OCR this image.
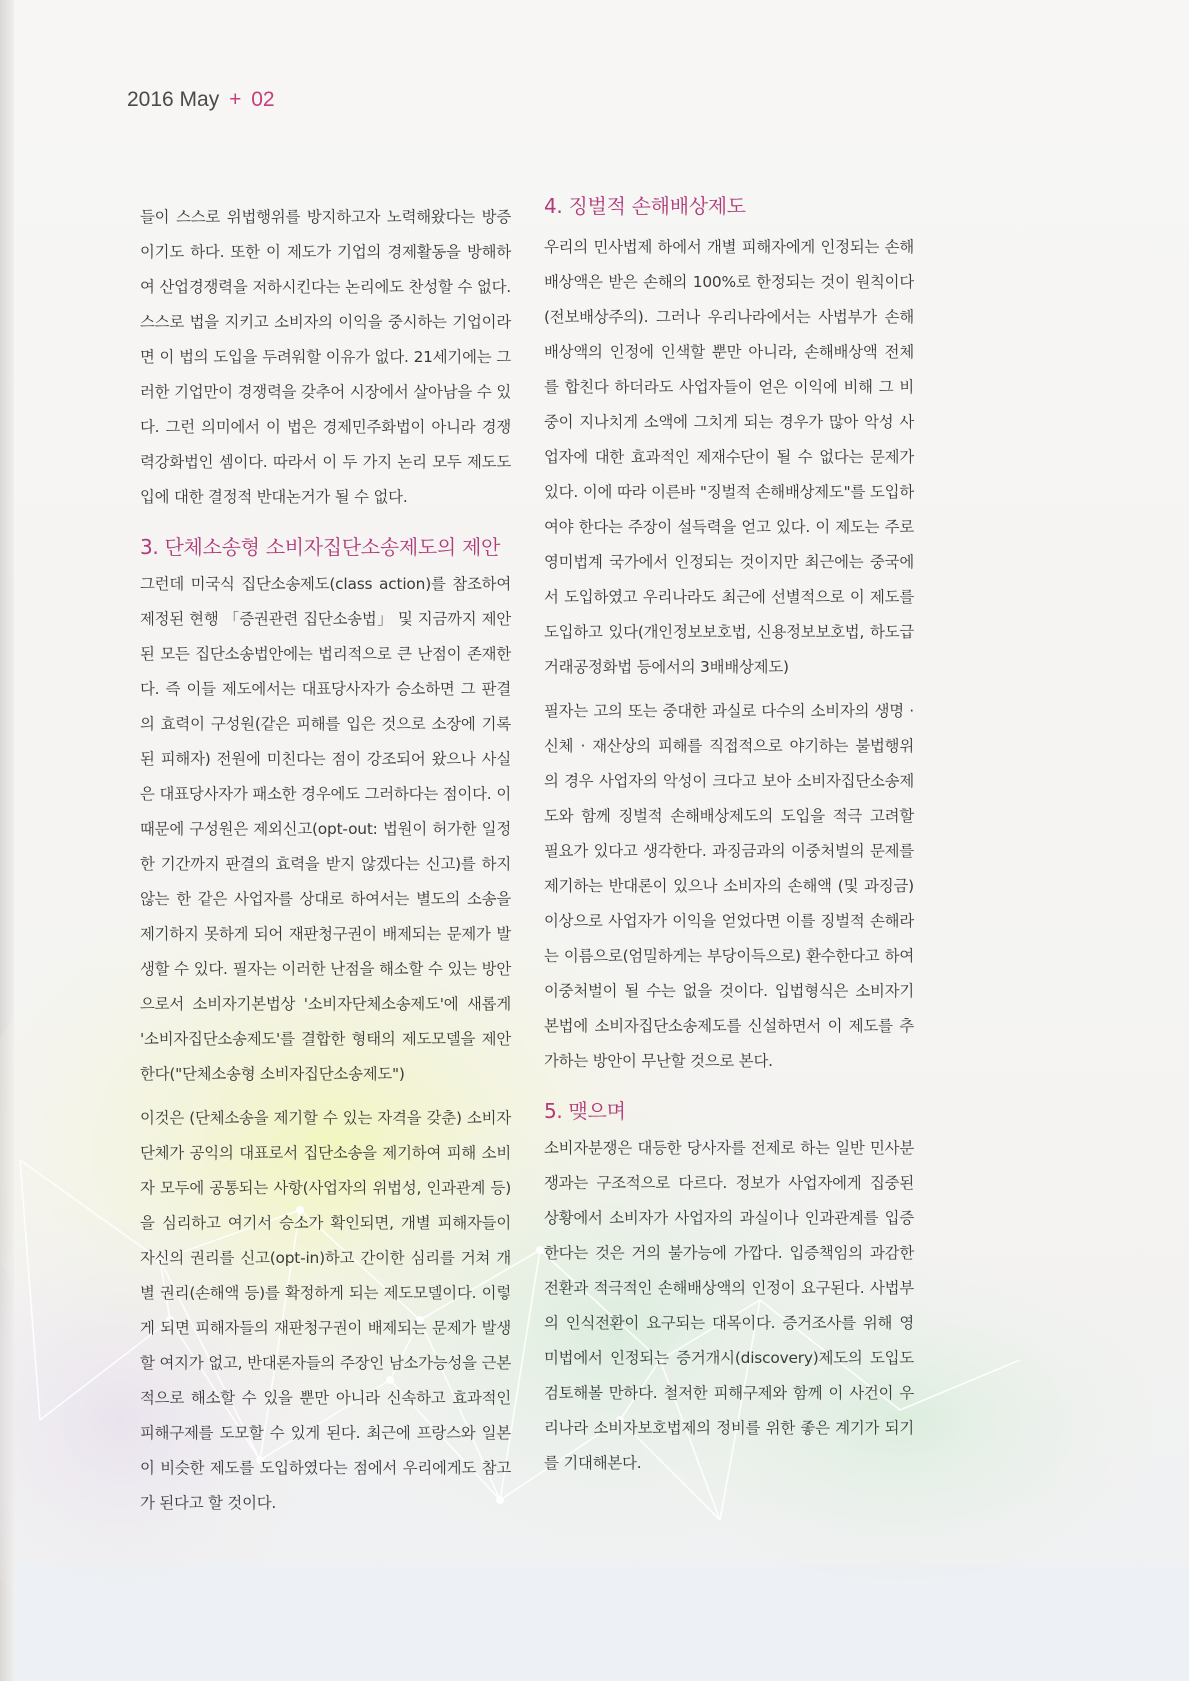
2016 May + 02

들이 스스로 위법행위를 방지하고자 노력해왔다는 방증이기도 하다. 또한 이 제도가 기업의 경제활동을 방해하여 산업경쟁력을 저하시킨다는 논리에도 찬성할 수 없다. 스스로 법을 지키고 소비자의 이익을 중시하는 기업이라면 이 법의 도입을 두려워할 이유가 없다. 21세기에는 그러한 기업만이 경쟁력을 갖추어 시장에서 살아남을 수 있다. 그런 의미에서 이 법은 경제민주화법이 아니라 경쟁력강화법인 셈이다. 따라서 이 두 가지 논리 모두 제도도입에 대한 결정적 반대논거가 될 수 없다.

3. 단체소송형 소비자집단소송제도의 제안

그런데 미국식 집단소송제도(class action)를 참조하여 제정된 현행 「증권관련 집단소송법」 및 지금까지 제안된 모든 집단소송법안에는 법리적으로 큰 난점이 존재한다. 즉 이들 제도에서는 대표당사자가 승소하면 그 판결의 효력이 구성원(같은 피해를 입은 것으로 소장에 기록된 피해자) 전원에 미친다는 점이 강조되어 왔으나 사실은 대표당사자가 패소한 경우에도 그러하다는 점이다. 이 때문에 구성원은 제외신고(opt-out: 법원이 허가한 일정한 기간까지 판결의 효력을 받지 않겠다는 신고)를 하지 않는 한 같은 사업자를 상대로 하여서는 별도의 소송을 제기하지 못하게 되어 재판청구권이 배제되는 문제가 발생할 수 있다. 필자는 이러한 난점을 해소할 수 있는 방안으로서 소비자기본법상 '소비자단체소송제도'에 새롭게 '소비자집단소송제도'를 결합한 형태의 제도모델을 제안한다("단체소송형 소비자집단소송제도")

이것은 (단체소송을 제기할 수 있는 자격을 갖춘) 소비자단체가 공익의 대표로서 집단소송을 제기하여 피해 소비자 모두에 공통되는 사항(사업자의 위법성, 인과관계 등)을 심리하고 여기서 승소가 확인되면, 개별 피해자들이 자신의 권리를 신고(opt-in)하고 간이한 심리를 거쳐 개별 권리(손해액 등)를 확정하게 되는 제도모델이다. 이렇게 되면 피해자들의 재판청구권이 배제되는 문제가 발생할 여지가 없고, 반대론자들의 주장인 남소가능성을 근본적으로 해소할 수 있을 뿐만 아니라 신속하고 효과적인 피해구제를 도모할 수 있게 된다. 최근에 프랑스와 일본이 비슷한 제도를 도입하였다는 점에서 우리에게도 참고가 된다고 할 것이다.

4. 징벌적 손해배상제도

우리의 민사법제 하에서 개별 피해자에게 인정되는 손해배상액은 받은 손해의 100%로 한정되는 것이 원칙이다(전보배상주의). 그러나 우리나라에서는 사법부가 손해배상액의 인정에 인색할 뿐만 아니라, 손해배상액 전체를 합친다 하더라도 사업자들이 얻은 이익에 비해 그 비중이 지나치게 소액에 그치게 되는 경우가 많아 악성 사업자에 대한 효과적인 제재수단이 될 수 없다는 문제가 있다. 이에 따라 이른바 "징벌적 손해배상제도"를 도입하여야 한다는 주장이 설득력을 얻고 있다. 이 제도는 주로 영미법계 국가에서 인정되는 것이지만 최근에는 중국에서 도입하였고 우리나라도 최근에 선별적으로 이 제도를 도입하고 있다(개인정보보호법, 신용정보보호법, 하도급거래공정화법 등에서의 3배배상제도)

필자는 고의 또는 중대한 과실로 다수의 소비자의 생명 · 신체 · 재산상의 피해를 직접적으로 야기하는 불법행위의 경우 사업자의 악성이 크다고 보아 소비자집단소송제도와 함께 징벌적 손해배상제도의 도입을 적극 고려할 필요가 있다고 생각한다. 과징금과의 이중처벌의 문제를 제기하는 반대론이 있으나 소비자의 손해액 (및 과징금) 이상으로 사업자가 이익을 얻었다면 이를 징벌적 손해라는 이름으로(엄밀하게는 부당이득으로) 환수한다고 하여 이중처벌이 될 수는 없을 것이다. 입법형식은 소비자기본법에 소비자집단소송제도를 신설하면서 이 제도를 추가하는 방안이 무난할 것으로 본다.

5. 맺으며

소비자분쟁은 대등한 당사자를 전제로 하는 일반 민사분쟁과는 구조적으로 다르다. 정보가 사업자에게 집중된 상황에서 소비자가 사업자의 과실이나 인과관계를 입증한다는 것은 거의 불가능에 가깝다. 입증책임의 과감한 전환과 적극적인 손해배상액의 인정이 요구된다. 사법부의 인식전환이 요구되는 대목이다. 증거조사를 위해 영미법에서 인정되는 증거개시(discovery)제도의 도입도 검토해볼 만하다. 철저한 피해구제와 함께 이 사건이 우리나라 소비자보호법제의 정비를 위한 좋은 계기가 되기를 기대해본다.
